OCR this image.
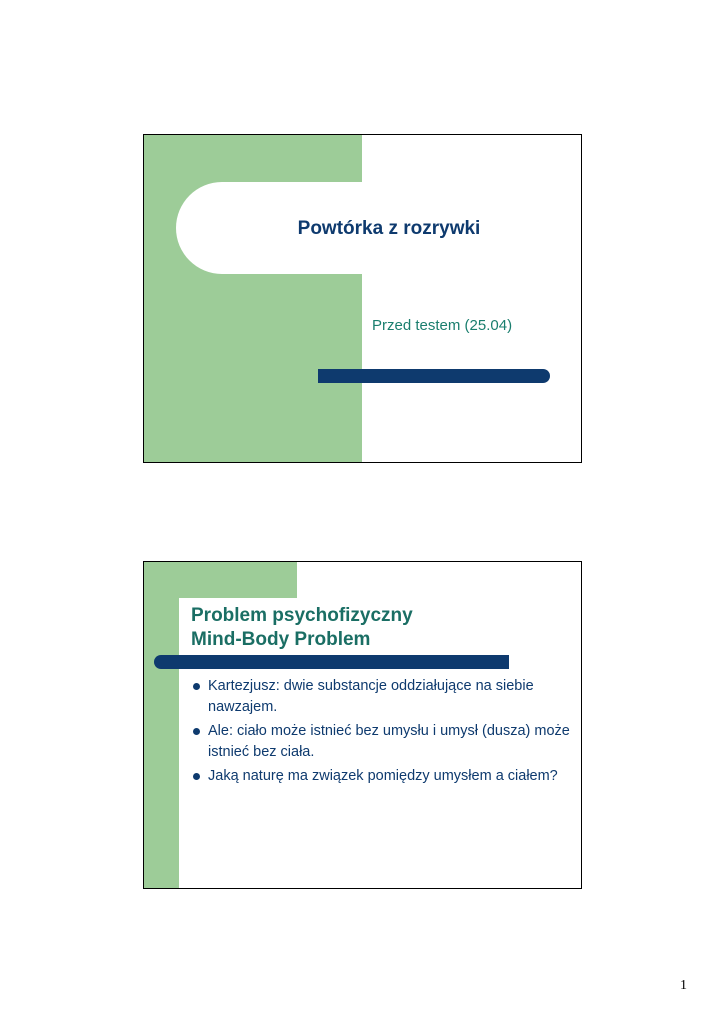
Powtórka z rozrywki
Przed testem (25.04)
Problem psychofizyczny
Mind-Body Problem
Kartezjusz: dwie substancje oddziałujące na siebie nawzajem.
Ale: ciało może istnieć bez umysłu i umysł (dusza) może istnieć bez ciała.
Jaką naturę ma związek pomiędzy umysłem a ciałem?
1
